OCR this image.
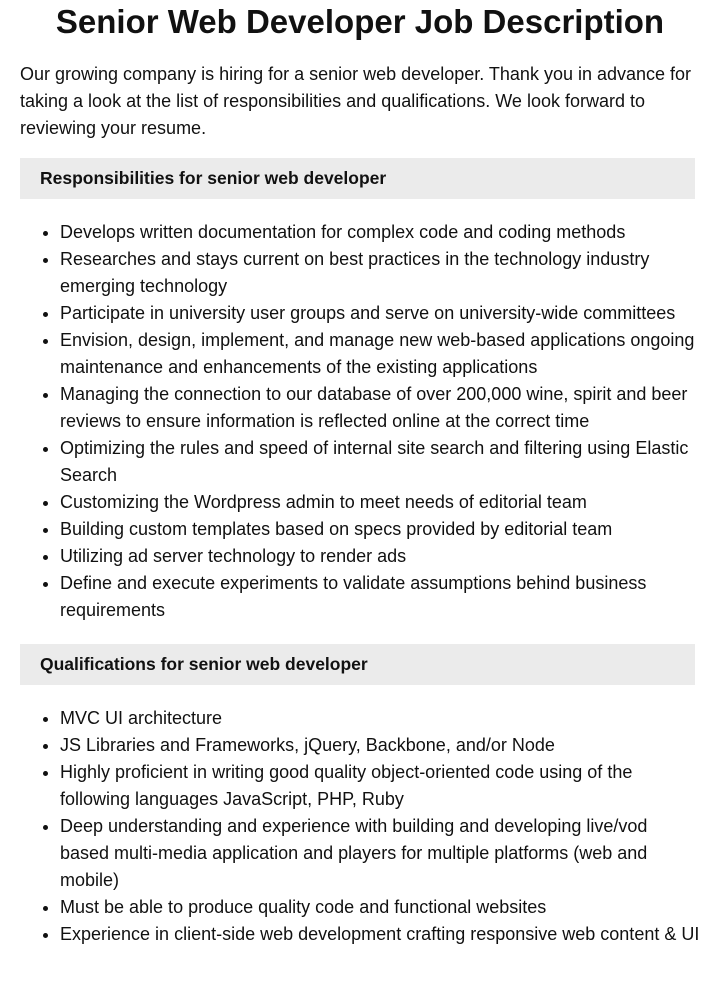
Senior Web Developer Job Description

Our growing company is hiring for a senior web developer. Thank you in advance for taking a look at the list of responsibilities and qualifications. We look forward to reviewing your resume.

Responsibilities for senior web developer
• Develops written documentation for complex code and coding methods
• Researches and stays current on best practices in the technology industry emerging technology
• Participate in university user groups and serve on university-wide committees
• Envision, design, implement, and manage new web-based applications ongoing maintenance and enhancements of the existing applications
• Managing the connection to our database of over 200,000 wine, spirit and beer reviews to ensure information is reflected online at the correct time
• Optimizing the rules and speed of internal site search and filtering using Elastic Search
• Customizing the Wordpress admin to meet needs of editorial team
• Building custom templates based on specs provided by editorial team
• Utilizing ad server technology to render ads
• Define and execute experiments to validate assumptions behind business requirements
Qualifications for senior web developer
• MVC UI architecture
• JS Libraries and Frameworks, jQuery, Backbone, and/or Node
• Highly proficient in writing good quality object-oriented code using of the following languages JavaScript, PHP, Ruby
• Deep understanding and experience with building and developing live/vod based multi-media application and players for multiple platforms (web and mobile)
• Must be able to produce quality code and functional websites
• Experience in client-side web development crafting responsive web content & UI
